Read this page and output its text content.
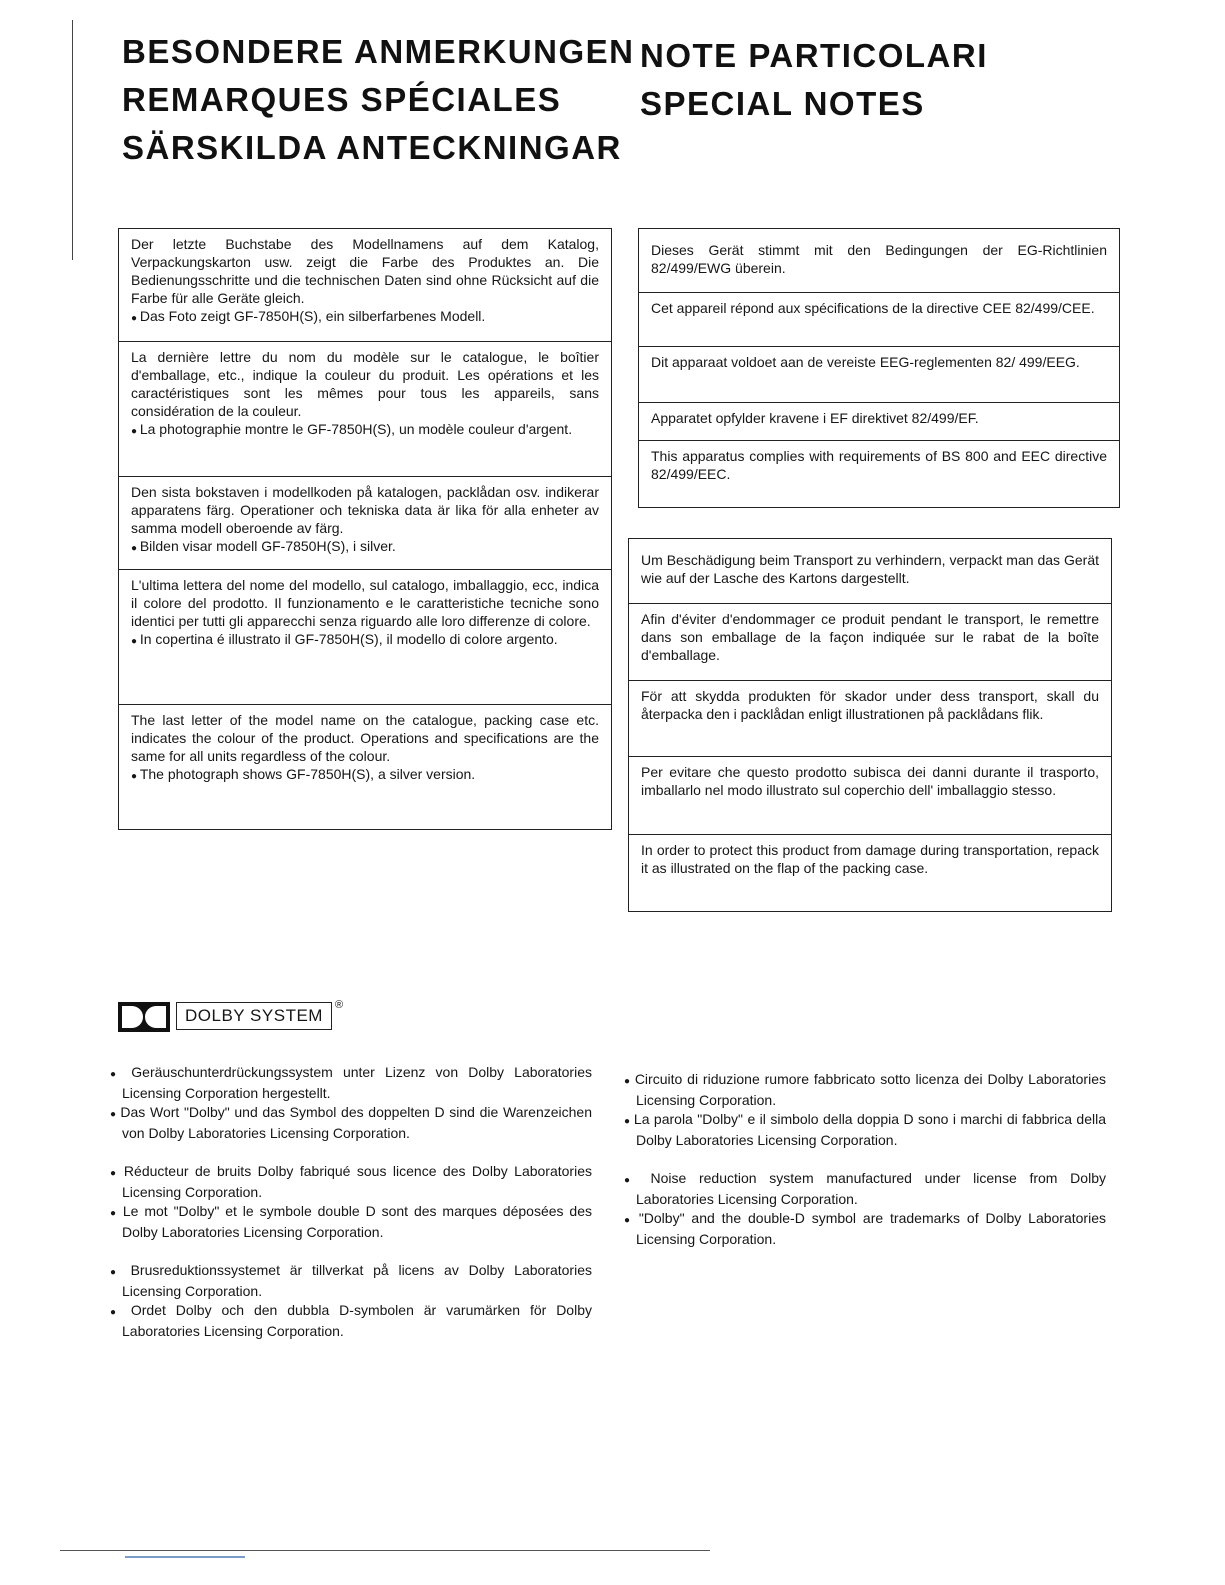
BESONDERE ANMERKUNGEN
REMARQUES SPÉCIALES
SÄRSKILDA ANTECKNINGAR
NOTE PARTICOLARI
SPECIAL NOTES
Der letzte Buchstabe des Modellnamens auf dem Katalog, Verpackungskarton usw. zeigt die Farbe des Produktes an. Die Bedienungsschritte und die technischen Daten sind ohne Rücksicht auf die Farbe für alle Geräte gleich.
● Das Foto zeigt GF-7850H(S), ein silberfarbenes Modell.
La dernière lettre du nom du modèle sur le catalogue, le boîtier d'emballage, etc., indique la couleur du produit. Les opérations et les caractéristiques sont les mêmes pour tous les appareils, sans considération de la couleur.
● La photographie montre le GF-7850H(S), un modèle couleur d'argent.
Den sista bokstaven i modellkoden på katalogen, packlådan osv. indikerar apparatens färg. Operationer och tekniska data är lika för alla enheter av samma modell oberoende av färg.
● Bilden visar modell GF-7850H(S), i silver.
L'ultima lettera del nome del modello, sul catalogo, imballaggio, ecc, indica il colore del prodotto. Il funzionamento e le caratteristiche tecniche sono identici per tutti gli apparecchi senza riguardo alle loro differenze di colore.
● In copertina é illustrato il GF-7850H(S), il modello di colore argento.
The last letter of the model name on the catalogue, packing case etc. indicates the colour of the product. Operations and specifications are the same for all units regardless of the colour.
● The photograph shows GF-7850H(S), a silver version.
Dieses Gerät stimmt mit den Bedingungen der EG-Richtlinien 82/499/EWG überein.
Cet appareil répond aux spécifications de la directive CEE 82/499/CEE.
Dit apparaat voldoet aan de vereiste EEG-reglementen 82/ 499/EEG.
Apparatet opfylder kravene i EF direktivet 82/499/EF.
This apparatus complies with requirements of BS 800 and EEC directive 82/499/EEC.
Um Beschädigung beim Transport zu verhindern, verpackt man das Gerät wie auf der Lasche des Kartons dargestellt.
Afin d'éviter d'endommager ce produit pendant le transport, le remettre dans son emballage de la façon indiquée sur le rabat de la boîte d'emballage.
För att skydda produkten för skador under dess transport, skall du återpacka den i packlådan enligt illustrationen på packlådans flik.
Per evitare che questo prodotto subisca dei danni durante il trasporto, imballarlo nel modo illustrato sul coperchio dell' imballaggio stesso.
In order to protect this product from damage during transportation, repack it as illustrated on the flap of the packing case.
DOLBY SYSTEM
®
● Geräuschunterdrückungssystem unter Lizenz von Dolby Laboratories Licensing Corporation hergestellt.
● Das Wort "Dolby" und das Symbol des doppelten D sind die Warenzeichen von Dolby Laboratories Licensing Corporation.
● Réducteur de bruits Dolby fabriqué sous licence des Dolby Laboratories Licensing Corporation.
● Le mot "Dolby" et le symbole double D sont des marques déposées des Dolby Laboratories Licensing Corporation.
● Brusreduktionssystemet är tillverkat på licens av Dolby Laboratories Licensing Corporation.
● Ordet Dolby och den dubbla D-symbolen är varumärken för Dolby Laboratories Licensing Corporation.
● Circuito di riduzione rumore fabbricato sotto licenza dei Dolby Laboratories Licensing Corporation.
● La parola "Dolby" e il simbolo della doppia D sono i marchi di fabbrica della Dolby Laboratories Licensing Corporation.
● Noise reduction system manufactured under license from Dolby Laboratories Licensing Corporation.
● "Dolby" and the double-D symbol are trademarks of Dolby Laboratories Licensing Corporation.
